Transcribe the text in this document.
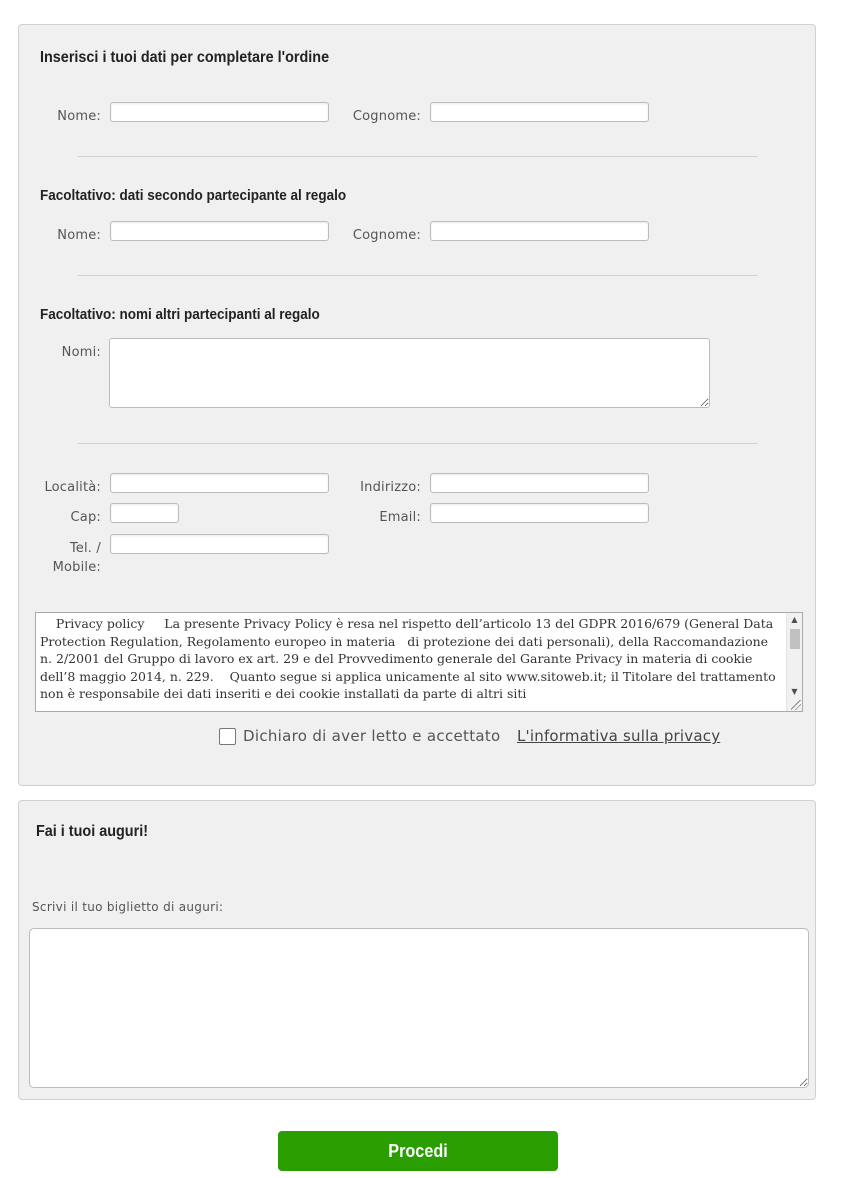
Inserisci i tuoi dati per completare l'ordine
Nome:	Cognome:
Facoltativo: dati secondo partecipante al regalo
Nome:	Cognome:
Facoltativo: nomi altri partecipanti al regalo
Nomi:
Località:	Indirizzo:
Cap:	Email:
Tel. /
Mobile:

Privacy policy     La presente Privacy Policy è resa nel rispetto dell’articolo 13 del GDPR 2016/679 (General Data Protection Regulation, Regolamento europeo in materia   di protezione dei dati personali), della Raccomandazione n. 2/2001 del Gruppo di lavoro ex art. 29 e del Provvedimento generale del Garante Privacy in materia di cookie   dell’8 maggio 2014, n. 229.    Quanto segue si applica unicamente al sito www.sitoweb.it; il Titolare del trattamento non è responsabile dei dati inseriti e dei cookie installati da parte di altri siti

▲
▼
Dichiaro di aver letto e accettato L'informativa sulla privacy
Fai i tuoi auguri!
Scrivi il tuo biglietto di auguri:
Procedi
